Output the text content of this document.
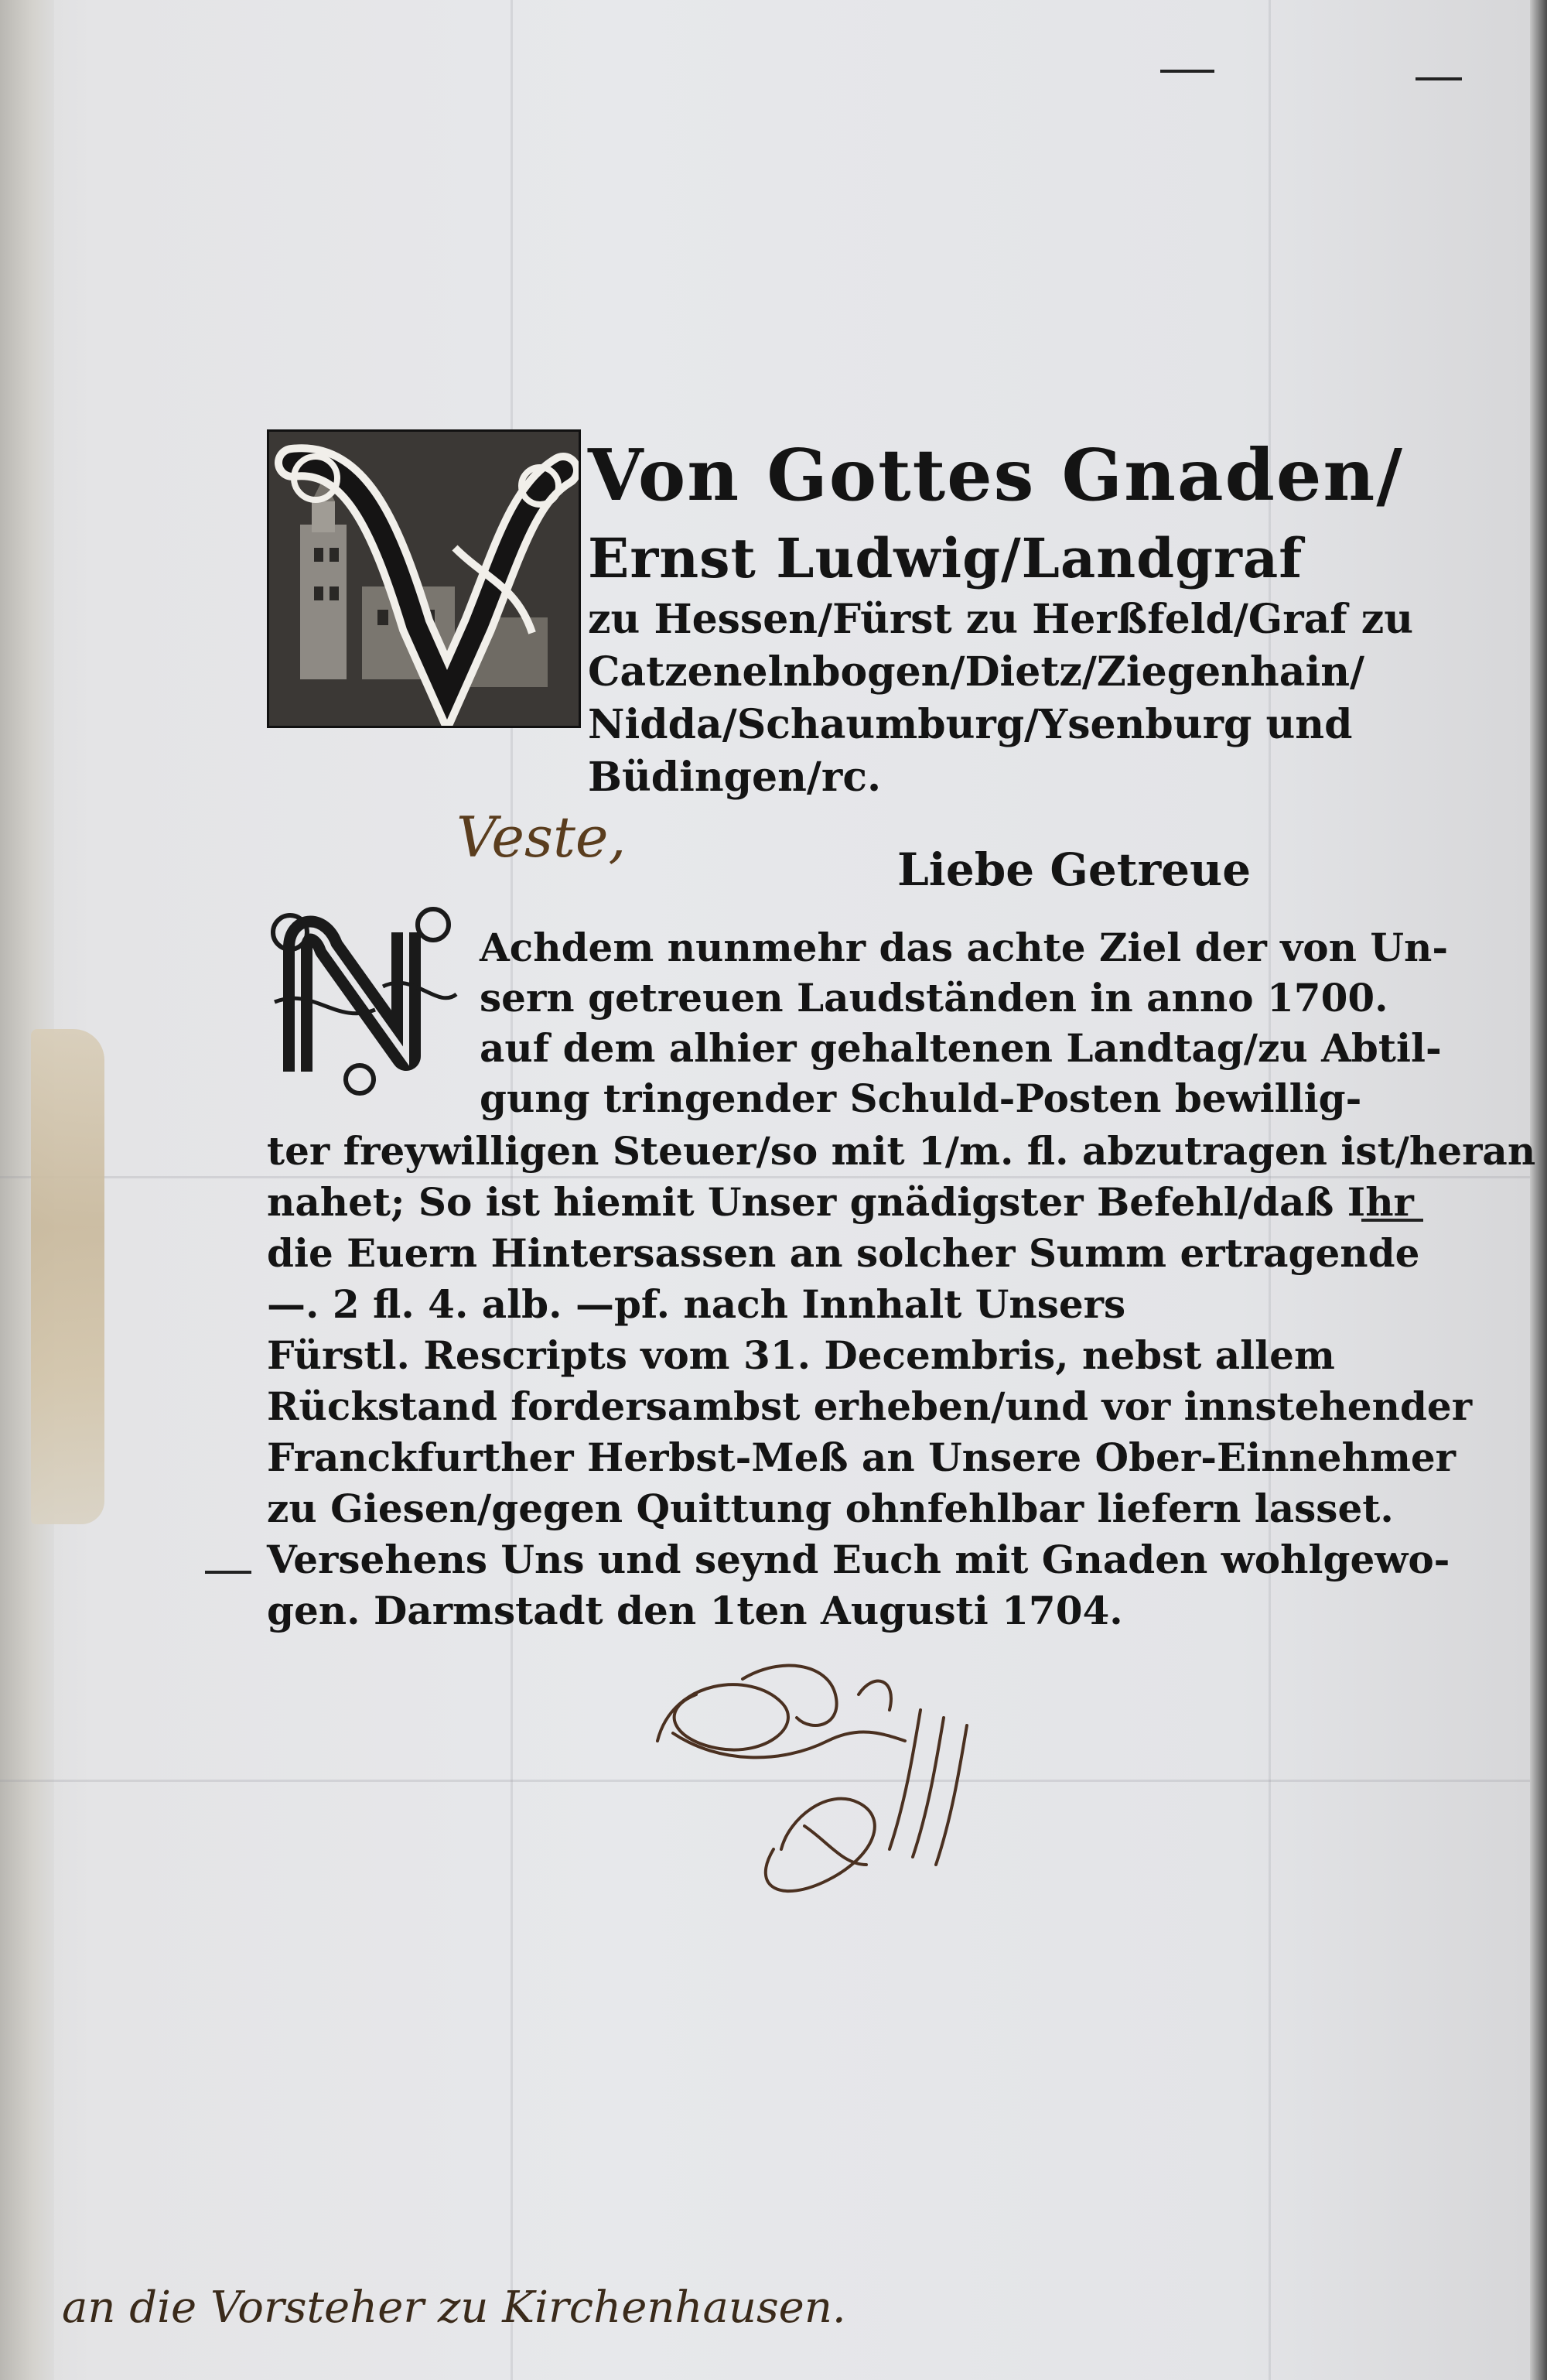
Von Gottes Gnaden/
Ernst Ludwig/Landgraf
zu Hessen/Fürst zu Herßfeld/Graf zu
Catzenelnbogen/Dietz/Ziegenhain/
Nidda/Schaumburg/Ysenburg und
Büdingen/rc.
Veste,	Liebe Getreue
Achdem nunmehr das achte Ziel der von Un-
sern getreuen Laudständen in anno 1700.
auf dem alhier gehaltenen Landtag/zu Abtil-
gung tringender Schuld-Posten bewillig-
ter freywilligen Steuer/so mit 1/m. fl. abzutragen ist/heran
nahet; So ist hiemit Unser gnädigster Befehl/daß Ihr
die Euern Hintersassen an solcher Summ ertragende
—. 2 fl. 4. alb. —pf. nach Innhalt Unsers
Fürstl. Rescripts vom 31. Decembris, nebst allem
Rückstand fordersambst erheben/und vor innstehender
Franckfurther Herbst-Meß an Unsere Ober-Einnehmer
zu Giesen/gegen Quittung ohnfehlbar liefern lasset.
Versehens Uns und seynd Euch mit Gnaden wohlgewo-
gen. Darmstadt den 1ten Augusti 1704.
an die Vorsteher zu Kirchenhausen.
